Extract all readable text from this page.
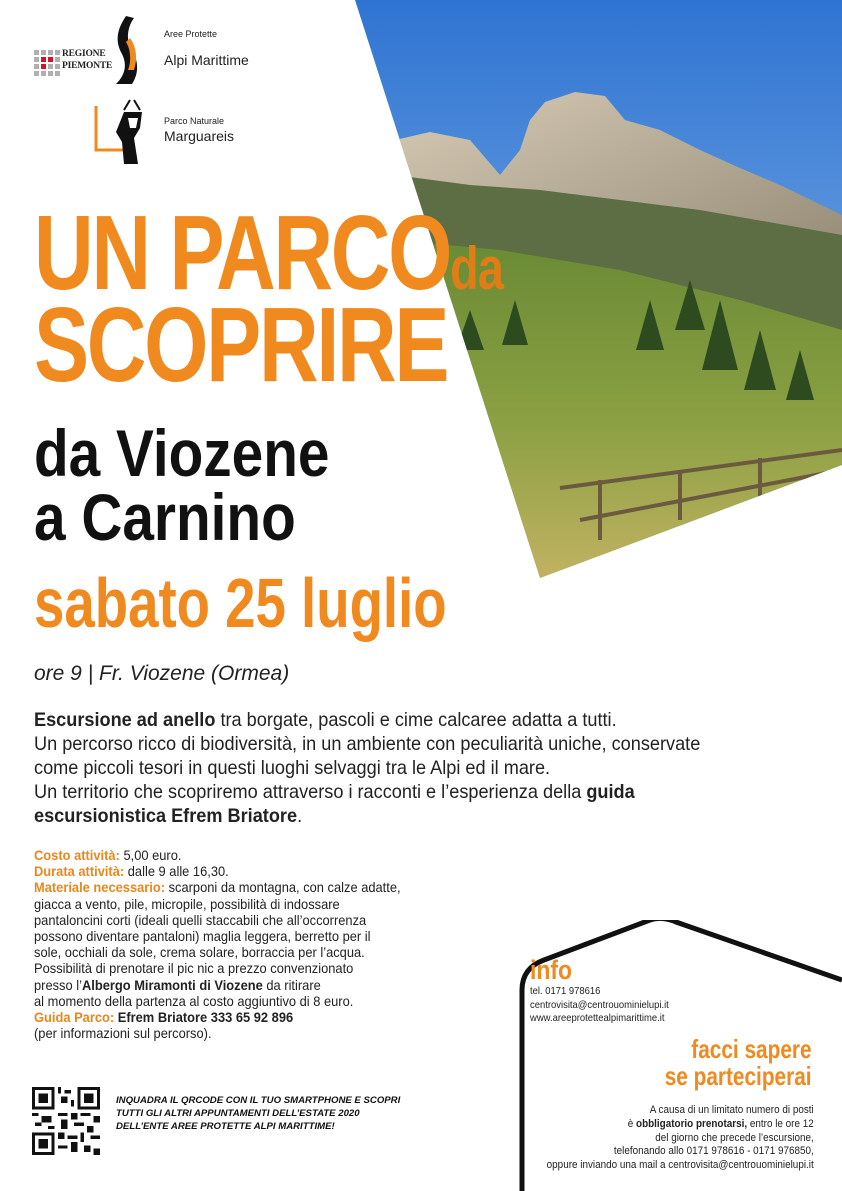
REGIONE
PIEMONTE
Aree Protette
Alpi Marittime
Parco Naturale
Marguareis
UN PARCOda
SCOPRIRE
da Viozene
a Carnino
sabato 25 luglio
ore 9 | Fr. Viozene (Ormea)

Escursione ad anello tra borgate, pascoli e cime calcaree adatta a tutti.

Un percorso ricco di biodiversità, in un ambiente con peculiarità uniche, conservate

come piccoli tesori in questi luoghi selvaggi tra le Alpi ed il mare.

Un territorio che scopriremo attraverso i racconti e l’esperienza della guida

escursionistica Efrem Briatore.

Costo attività: 5,00 euro.
Durata attività: dalle 9 alle 16,30.
Materiale necessario: scarponi da montagna, con calze adatte,
giacca a vento, pile, micropile, possibilità di indossare
pantaloncini corti (ideali quelli staccabili che all’occorrenza
possono diventare pantaloni) maglia leggera, berretto per il
sole, occhiali da sole, crema solare, borraccia per l’acqua.
Possibilità di prenotare il pic nic a prezzo convenzionato
presso l’Albergo Miramonti di Viozene da ritirare
al momento della partenza al costo aggiuntivo di 8 euro.
Guida Parco: Efrem Briatore 333 65 92 896
(per informazioni sul percorso).
info
tel. 0171 978616
centrovisita@centrouominielupi.it
www.areeprotettealpimarittime.it
facci sapere
se parteciperai
A causa di un limitato numero di posti
è obbligatorio prenotarsi, entro le ore 12
del giorno che precede l’escursione,
telefonando allo 0171 978616 - 0171 976850,
oppure inviando una mail a centrovisita@centrouominielupi.it
INQUADRA IL QRCODE CON IL TUO SMARTPHONE E SCOPRI
TUTTI GLI ALTRI APPUNTAMENTI DELL’ESTATE 2020
DELL’ENTE AREE PROTETTE ALPI MARITTIME!
